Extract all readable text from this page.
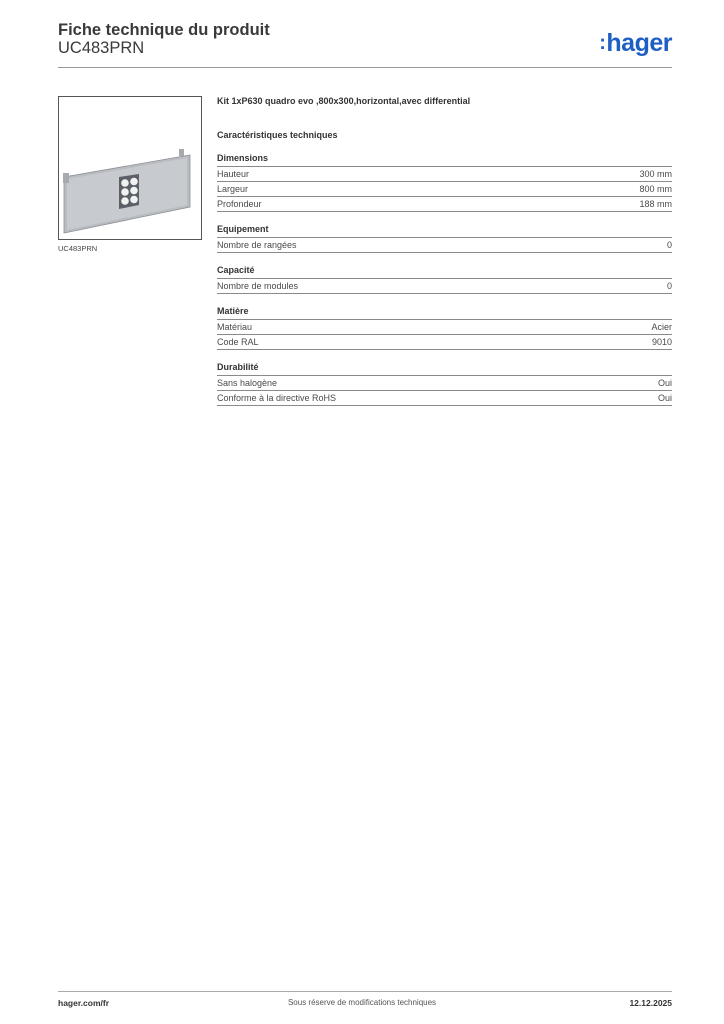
Fiche technique du produit
UC483PRN	:hager
UC483PRN
Kit 1xP630 quadro evo ,800x300,horizontal,avec differential
Caractéristiques techniques
Dimensions
Hauteur	300 mm
Largeur	800 mm
Profondeur	188 mm
Equipement
Nombre de rangées	0
Capacité
Nombre de modules	0
Matière
Matériau	Acier
Code RAL	9010
Durabilité
Sans halogène	Oui
Conforme à la directive RoHS	Oui
hager.com/fr	Sous réserve de modifications techniques	12.12.2025
